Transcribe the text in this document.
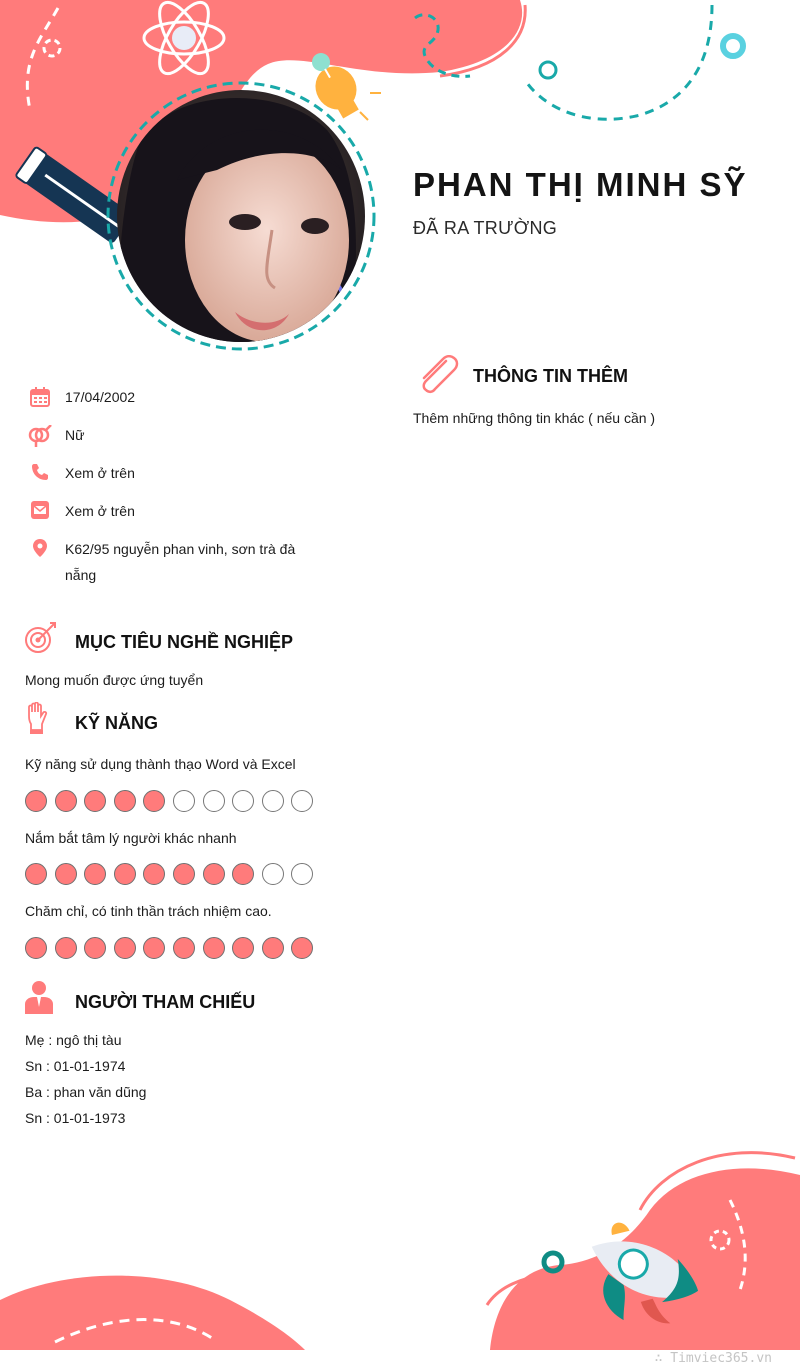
PHAN THỊ MINH SỸ
ĐÃ RA TRƯỜNG
17/04/2002
Nữ
Xem ở trên
Xem ở trên
K62/95 nguyễn phan vinh, sơn trà đà nẵng
MỤC TIÊU NGHỀ NGHIỆP
Mong muốn được ứng tuyển
KỸ NĂNG
Kỹ năng sử dụng thành thạo Word và Excel
Nắm bắt tâm lý người khác nhanh
Chăm chỉ, có tinh thần trách nhiệm cao.
NGƯỜI THAM CHIẾU
Mẹ : ngô thị tàu
Sn : 01-01-1974
Ba : phan văn dũng
Sn : 01-01-1973
THÔNG TIN THÊM
Thêm những thông tin khác ( nếu cần )
∴ Timviec365.vn
